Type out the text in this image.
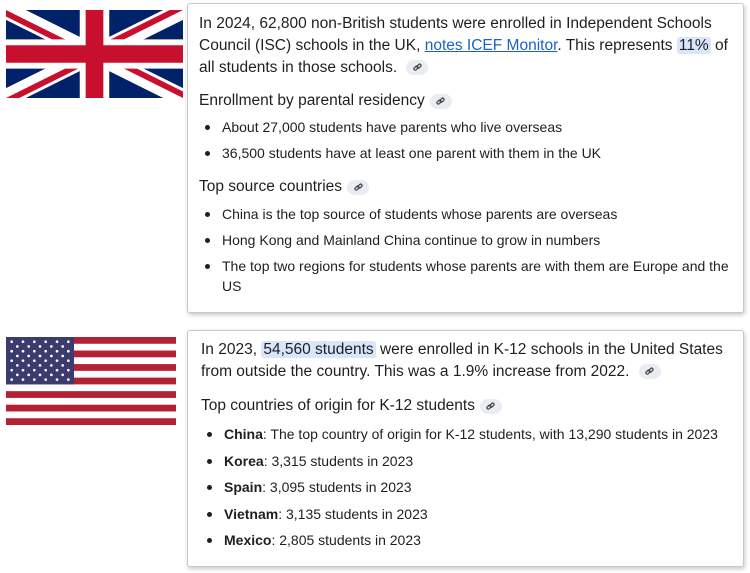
In 2024, 62,800 non-British students were enrolled in Independent Schools Council (ISC) schools in the UK, notes ICEF Monitor. This represents 11% of all students in those schools.

Enrollment by parental residency
About 27,000 students have parents who live overseas
36,500 students have at least one parent with them in the UK
Top source countries
China is the top source of students whose parents are overseas
Hong Kong and Mainland China continue to grow in numbers
The top two regions for students whose parents are with them are Europe and the US

In 2023, 54,560 students were enrolled in K-12 schools in the United States from outside the country. This was a 1.9% increase from 2022.

Top countries of origin for K-12 students
China: The top country of origin for K-12 students, with 13,290 students in 2023
Korea: 3,315 students in 2023
Spain: 3,095 students in 2023
Vietnam: 3,135 students in 2023
Mexico: 2,805 students in 2023
